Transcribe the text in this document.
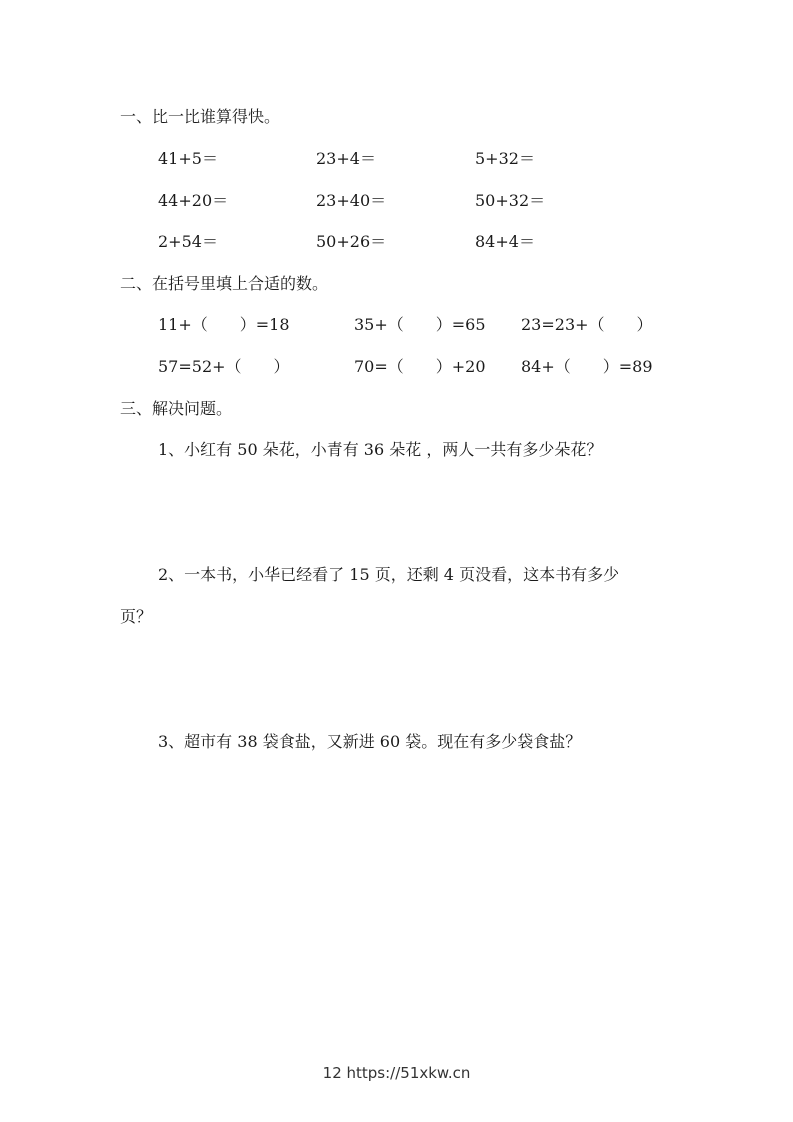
一、比一比谁算得快。
41+5＝	23+4＝	5+32＝
44+20＝	23+40＝	50+32＝
2+54＝	50+26＝	84+4＝
二、在括号里填上合适的数。
11+（　　）=18	35+（　　）=65 23=23+（　　）
57=52+（　　）	70=（　　）+20 84+（　　）=89
三、解决问题。
1、小红有 50 朵花，小青有 36 朵花 ，两人一共有多少朵花？
2、一本书，小华已经看了 15 页，还剩 4 页没看，这本书有多少
页？
3、超市有 38 袋食盐，又新进 60 袋。现在有多少袋食盐？
12 https://51xkw.cn
